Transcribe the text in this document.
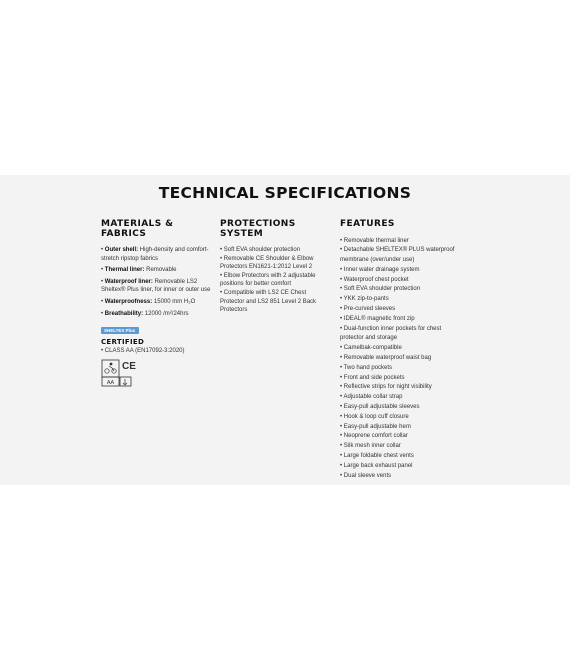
TECHNICAL SPECIFICATIONS
MATERIALS &
FABRICS
• Outer shell: High-density and comfort-stretch ripstop fabrics
• Thermal liner: Removable
• Waterproof liner: Removable LS2 Sheltex® Plus liner, for inner or outer use
• Waterproofness: 15000 mm H₂O
• Breathability: 12000 /m²/24hrs
SHELTEX Plus
PROTECTIONS
SYSTEM
• Soft EVA shoulder protection
• Removable CE Shoulder & Elbow Protectors EN1621-1:2012 Level 2
• Elbow Protectors with 2 adjustable positions for better comfort
• Compatible with LS2 CE Chest Protector and LS2 851 Level 2 Back Protectors
FEATURES
• Removable thermal liner
• Detachable SHELTEX® PLUS waterproof membrane (over/under use)
• Inner water drainage system
• Waterproof chest pocket
• Soft EVA shoulder protection
• YKK zip-to-pants
• Pre-curved sleeves
• IDEAL® magnetic front zip
• Dual-function inner pockets for chest protector and storage
• Camelbak-compatible
• Removable waterproof waist bag
• Two hand pockets
• Front and side pockets
• Reflective strips for night visibility
• Adjustable collar strap
• Easy-pull adjustable sleeves
• Hook & loop cuff closure
• Easy-pull adjustable hem
• Neoprene comfort collar
• Silk mesh inner collar
• Large foldable chest vents
• Large back exhaust panel
• Dual sleeve vents
CERTIFIED
• CLASS AA (EN17092-3:2020)
AA
CE
